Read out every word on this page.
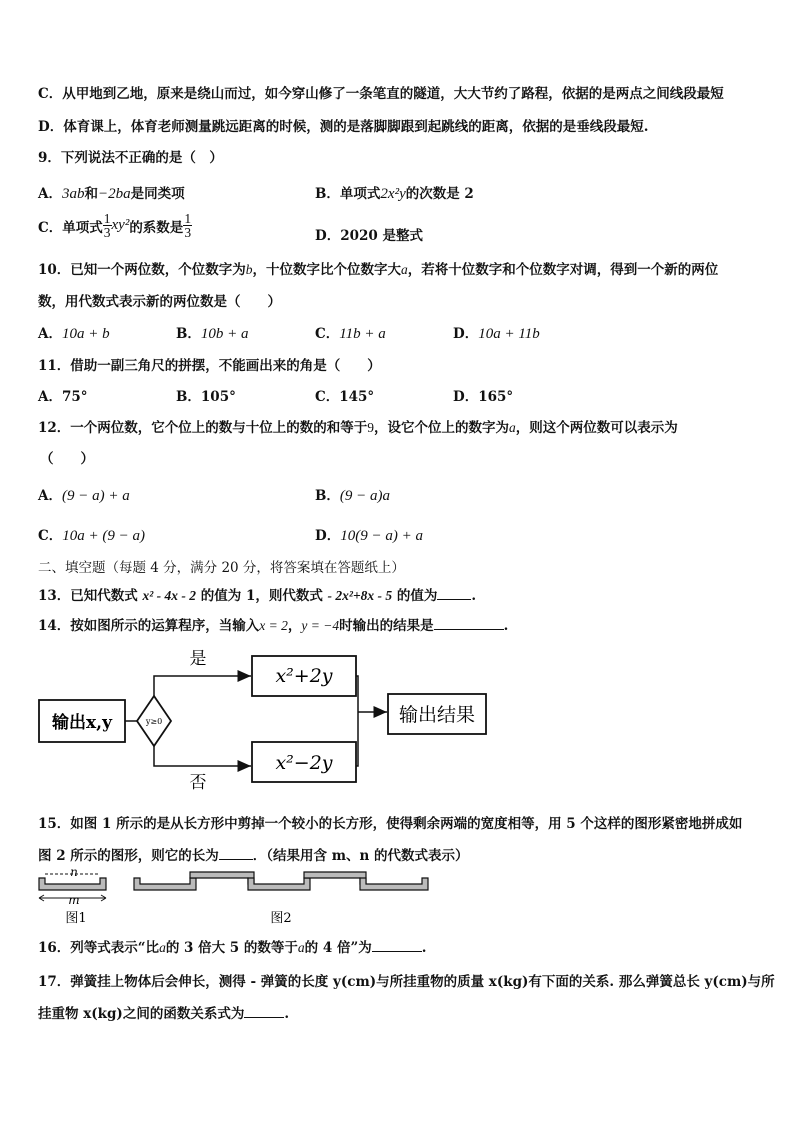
C．从甲地到乙地，原来是绕山而过，如今穿山修了一条笔直的隧道，大大节约了路程，依据的是两点之间线段最短
D．体育课上，体育老师测量跳远距离的时候，测的是落脚脚跟到起跳线的距离，依据的是垂线段最短.
9．下列说法不正确的是（　）
A．3ab和−2ba是同类项	B．单项式2x²y的次数是 2
C．单项式 $\frac{1}{3} xy^2$ 的系数是 $\frac{1}{3}$	D．2020 是整式
10．已知一个两位数，个位数字为b，十位数字比个位数字大a，若将十位数字和个位数字对调，得到一个新的两位
数，用代数式表示新的两位数是（　　）
A．10a + b	B．10b + a	C．11b + a	D．10a + 11b
11．借助一副三角尺的拼摆，不能画出来的角是（　　）
A．75°	B．105°	C．145°	D．165°
12．一个两位数，它个位上的数与十位上的数的和等于9，设它个位上的数字为a，则这个两位数可以表示为
（　　）
A．(9 − a) + a	B．(9 − a)a
C．10a + (9 − a)	D．10(9 − a) + a
二、填空题（每题 4 分，满分 20 分，将答案填在答题纸上）
13．已知代数式 x² - 4x - 2 的值为 1，则代数式 - 2x²+8x - 5 的值为	.
14．按如图所示的运算程序，当输入x = 2，y = −4时输出的结果是	.
输出x,y	y≥0
是
x²+2y
否
x²−2y
输出结果
15．如图 1 所示的是从长方形中剪掉一个较小的长方形，使得剩余两端的宽度相等，用 5 个这样的图形紧密地拼成如
图 2 所示的图形，则它的长为	．（结果用含 m、n 的代数式表示）
n
m
图1	图2
16．列等式表示“比a的 3 倍大 5 的数等于a的 4 倍”为	.
17．弹簧挂上物体后会伸长，测得 - 弹簧的长度 y(cm)与所挂重物的质量 x(kg)有下面的关系. 那么弹簧总长 y(cm)与所
挂重物 x(kg)之间的函数关系式为	.
